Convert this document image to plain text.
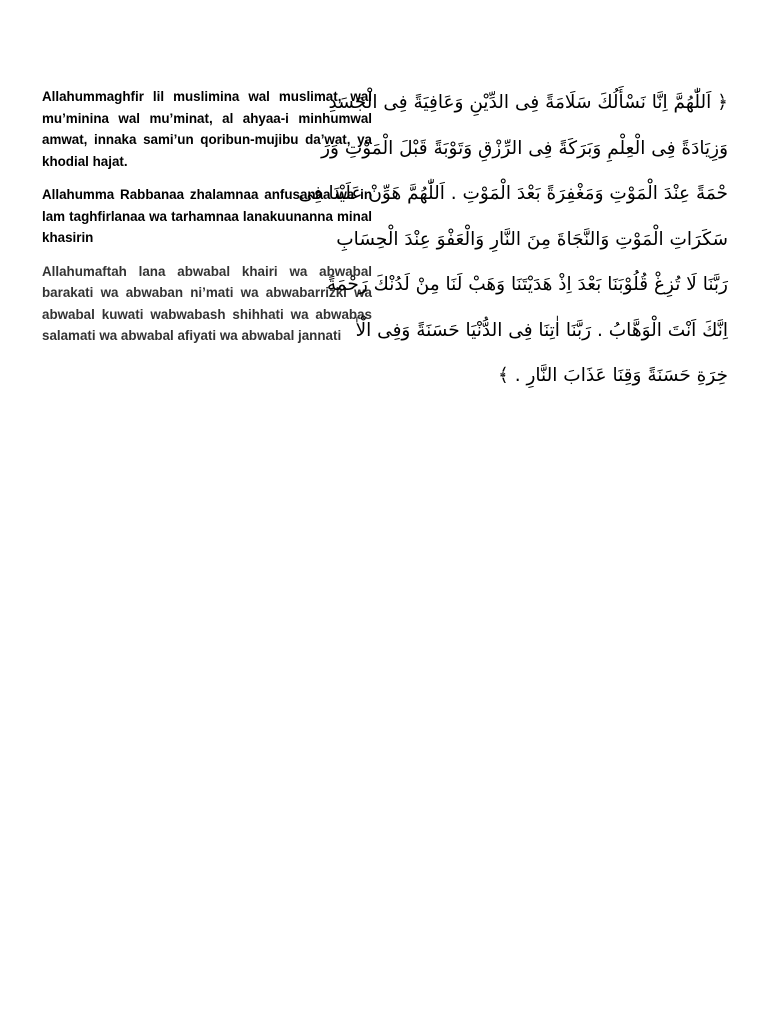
Allahummaghfir lil muslimina wal muslimat, wal mu’minina wal mu’minat, al ahyaa-i minhumwal amwat, innaka sami’un qoribun-mujibu da’wat, ya khodial hajat.

Allahumma Rabbanaa zhalamnaa anfusanaa wa in lam taghfirlanaa wa tarhamnaa lanakuunanna minal khasirin

Allahumaftah lana abwabal khairi wa abwabal barakati wa abwaban ni’mati wa abwabarrizki wa abwabal kuwati wabwabash shihhati wa abwabas salamati wa abwabal afiyati wa abwabal jannati

﴿ اَللّٰهُمَّ اِنَّا نَسْأَلُكَ سَلَامَةً فِى الدِّيْنِ وَعَافِيَةً فِى الْجَسَدِ
وَزِيَادَةً فِى الْعِلْمِ وَبَرَكَةً فِى الرِّزْقِ وَتَوْبَةً قَبْلَ الْمَوْتِ وَرَ
حْمَةً عِنْدَ الْمَوْتِ وَمَغْفِرَةً بَعْدَ الْمَوْتِ . اَللّٰهُمَّ هَوِّنْ عَلَيْنَا فِى
سَكَرَاتِ الْمَوْتِ وَالنَّجَاةَ مِنَ النَّارِ وَالْعَفْوَ عِنْدَ الْحِسَابِ
رَبَّنَا لَا تُزِغْ قُلُوْبَنَا بَعْدَ اِذْ هَدَيْتَنَا وَهَبْ لَنَا مِنْ لَدُنْكَ رَحْمَةً
اِنَّكَ اَنْتَ الْوَهَّابُ . رَبَّنَا اٰتِنَا فِى الدُّنْيَا حَسَنَةً وَفِى الْاٰ
خِرَةِ حَسَنَةً وَقِنَا عَذَابَ النَّارِ . ﴾
